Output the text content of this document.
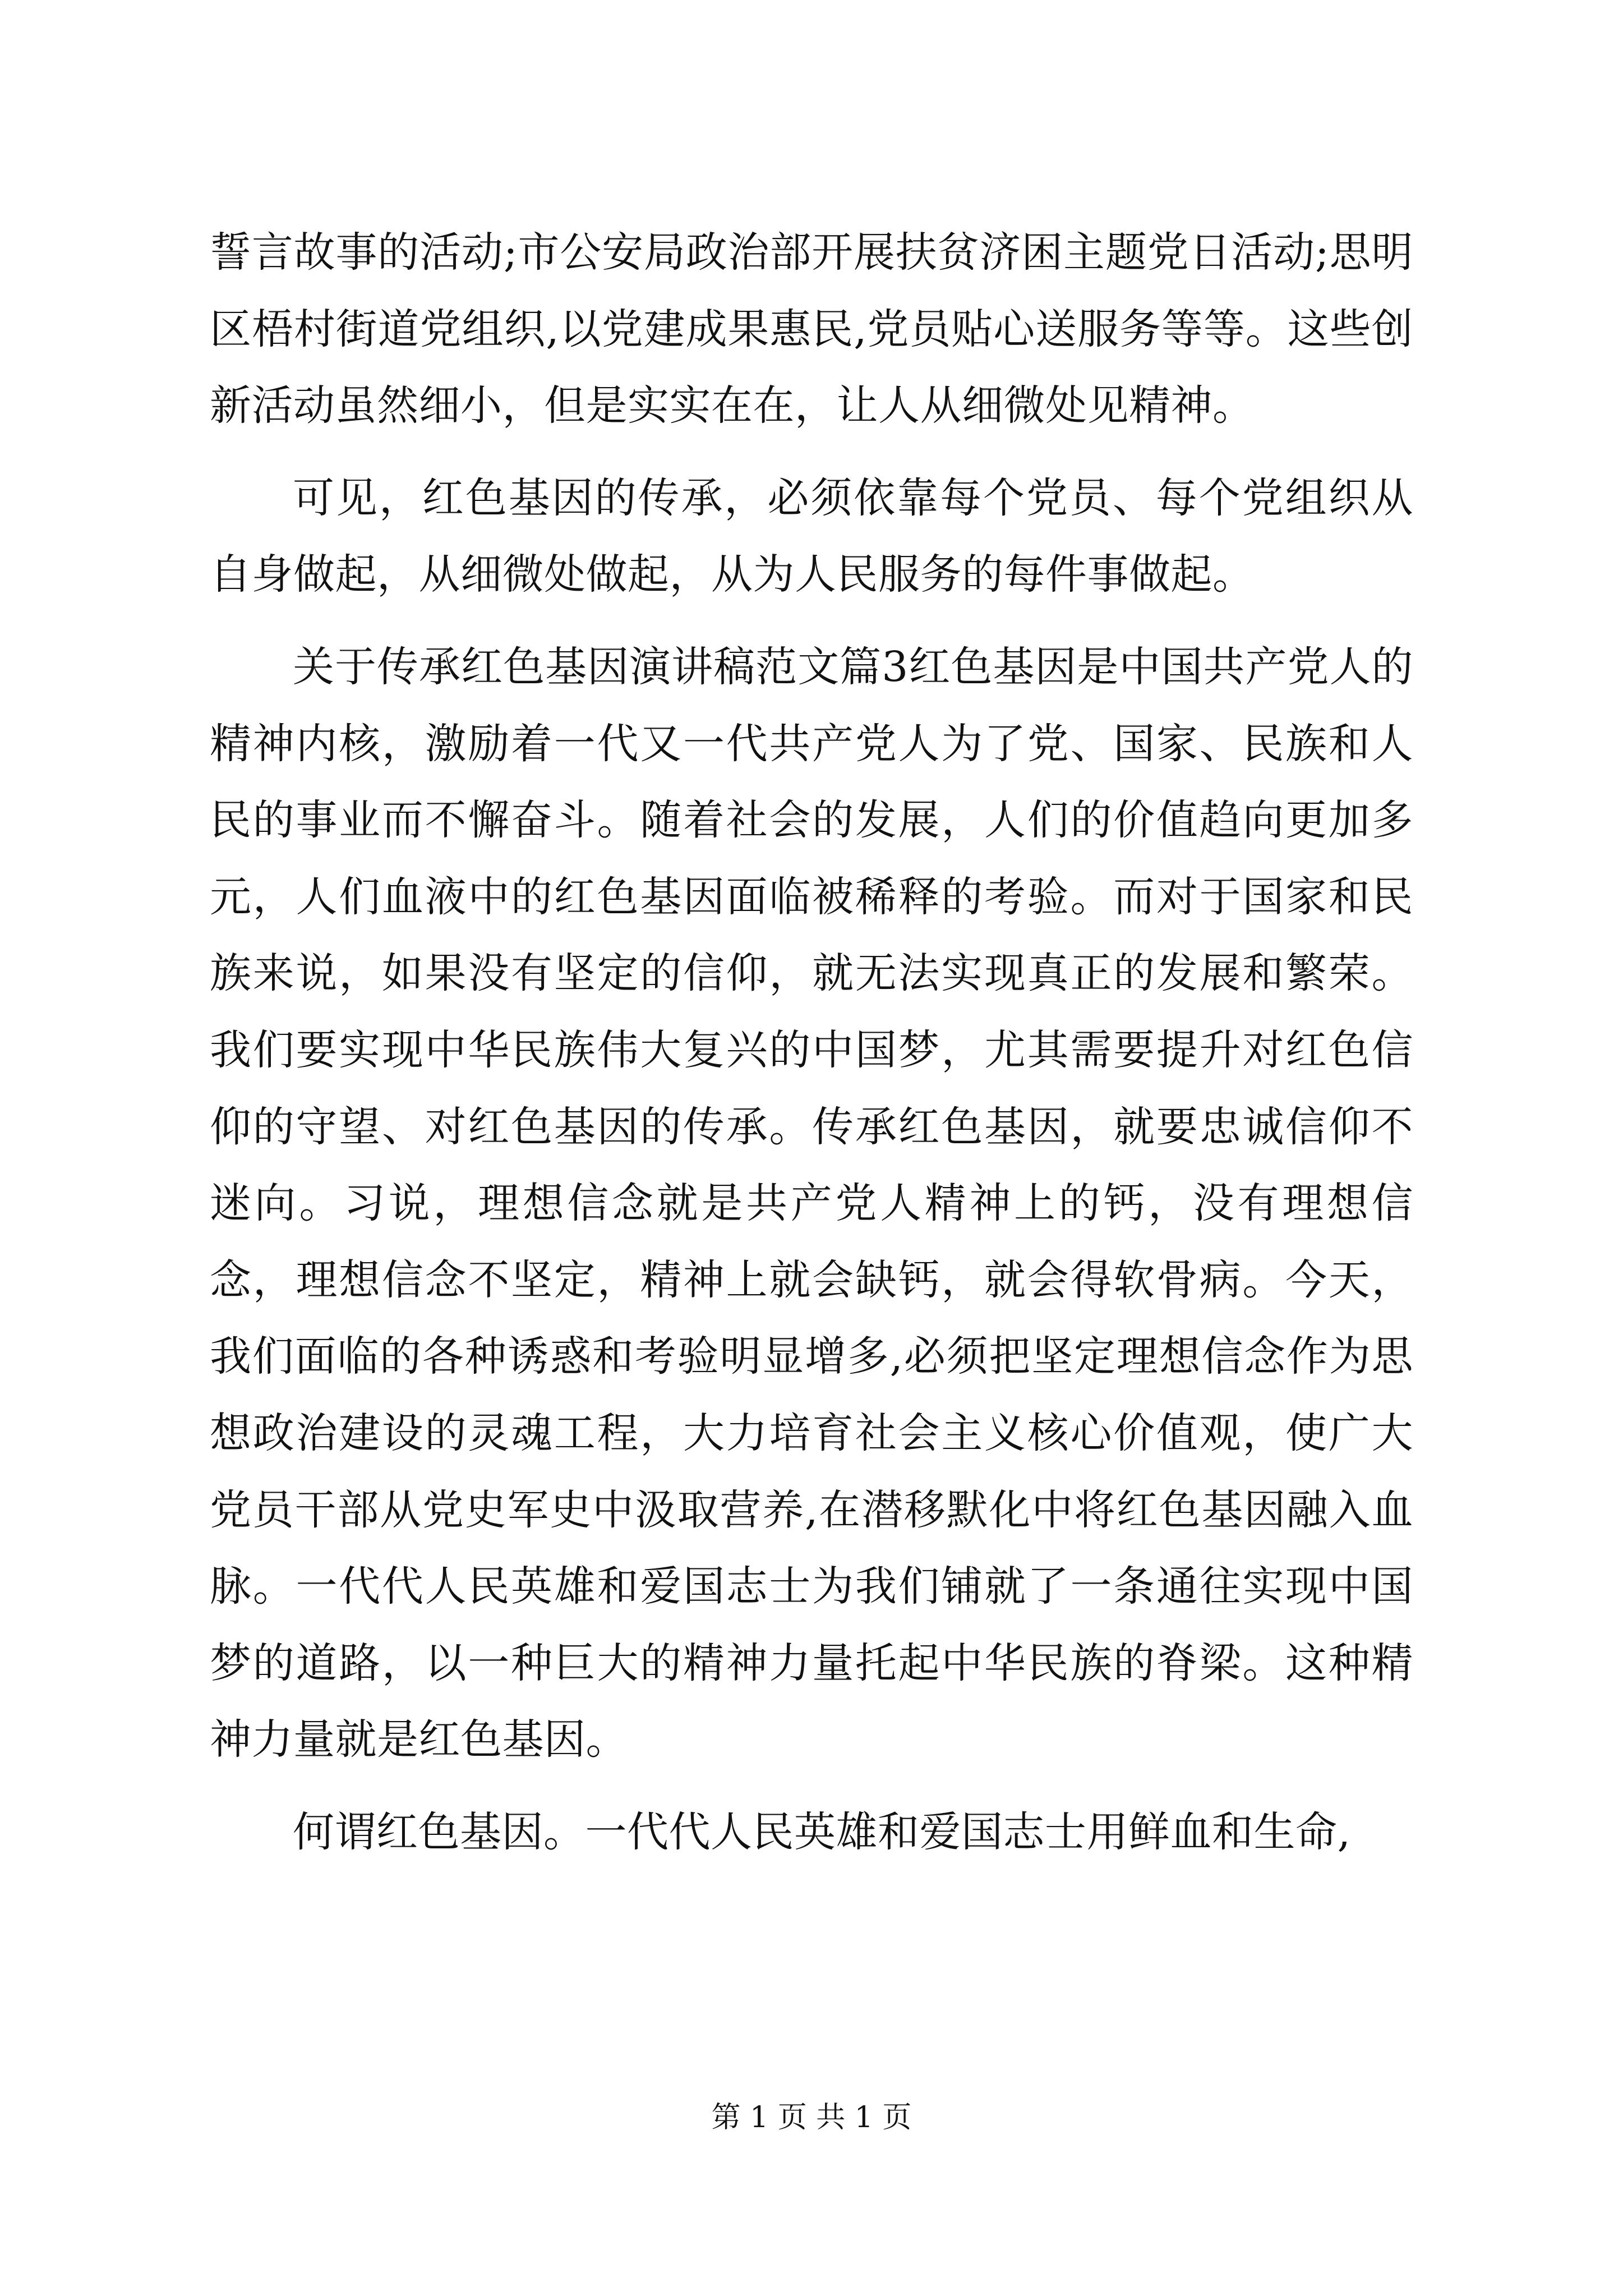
誓言故事的活动;市公安局政治部开展扶贫济困主题党日活动;思明区梧村街道党组织,以党建成果惠民,党员贴心送服务等等。这些创新活动虽然细小，但是实实在在，让人从细微处见精神。

可见，红色基因的传承，必须依靠每个党员、每个党组织从自身做起，从细微处做起，从为人民服务的每件事做起。

关于传承红色基因演讲稿范文篇3红色基因是中国共产党人的精神内核，激励着一代又一代共产党人为了党、国家、民族和人民的事业而不懈奋斗。随着社会的发展，人们的价值趋向更加多元，人们血液中的红色基因面临被稀释的考验。而对于国家和民族来说，如果没有坚定的信仰，就无法实现真正的发展和繁荣。我们要实现中华民族伟大复兴的中国梦，尤其需要提升对红色信仰的守望、对红色基因的传承。传承红色基因，就要忠诚信仰不迷向。习说，理想信念就是共产党人精神上的钙，没有理想信念，理想信念不坚定，精神上就会缺钙，就会得软骨病。今天，我们面临的各种诱惑和考验明显增多,必须把坚定理想信念作为思想政治建设的灵魂工程，大力培育社会主义核心价值观，使广大党员干部从党史军史中汲取营养,在潜移默化中将红色基因融入血脉。一代代人民英雄和爱国志士为我们铺就了一条通往实现中国梦的道路，以一种巨大的精神力量托起中华民族的脊梁。这种精神力量就是红色基因。

何谓红色基因。一代代人民英雄和爱国志士用鲜血和生命,

第 1 页 共 1 页
